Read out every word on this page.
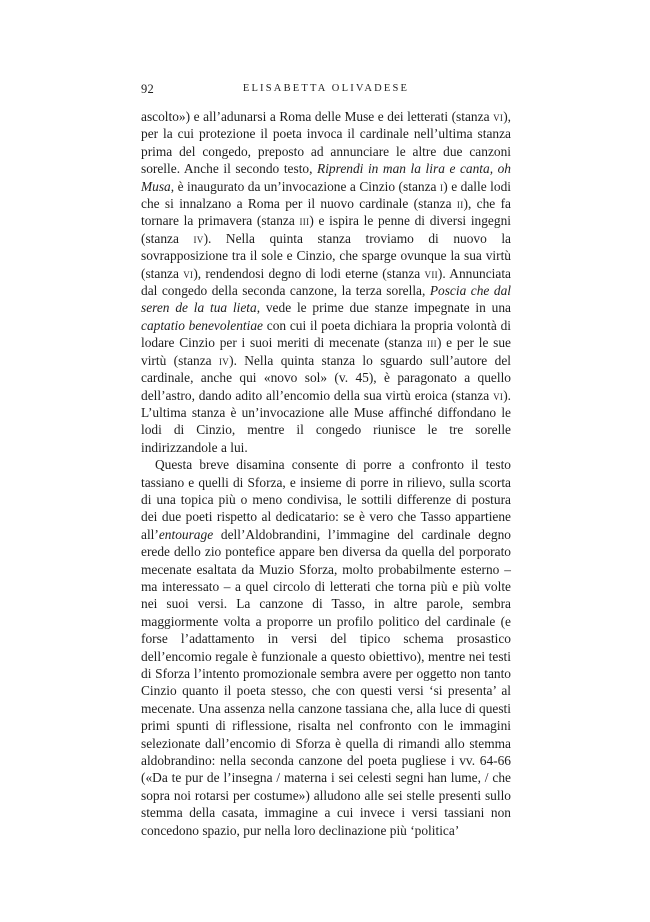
92	ELISABETTA OLIVADESE

ascolto») e all’adunarsi a Roma delle Muse e dei letterati (stanza vi), per la cui protezione il poeta invoca il cardinale nell’ultima stanza prima del congedo, preposto ad annunciare le altre due canzoni sorelle. Anche il secondo testo, Riprendi in man la lira e canta, oh Musa, è inaugurato da un’invocazione a Cinzio (stanza i) e dalle lodi che si innalzano a Roma per il nuovo cardinale (stanza ii), che fa tornare la primavera (stanza iii) e ispira le penne di diversi ingegni (stanza iv). Nella quinta stanza troviamo di nuovo la sovrapposizione tra il sole e Cinzio, che sparge ovunque la sua virtù (stanza vi), rendendosi degno di lodi eterne (stanza vii). Annunciata dal congedo della seconda canzone, la terza sorella, Poscia che dal seren de la tua lieta, vede le prime due stanze impegnate in una captatio benevolentiae con cui il poeta dichiara la propria volontà di lodare Cinzio per i suoi meriti di mecenate (stanza iii) e per le sue virtù (stanza iv). Nella quinta stanza lo sguardo sull’autore del cardinale, anche qui «novo sol» (v. 45), è paragonato a quello dell’astro, dando adito all’encomio della sua virtù eroica (stanza vi). L’ultima stanza è un’invocazione alle Muse affinché diffondano le lodi di Cinzio, mentre il congedo riunisce le tre sorelle indirizzandole a lui.

Questa breve disamina consente di porre a confronto il testo tassiano e quelli di Sforza, e insieme di porre in rilievo, sulla scorta di una topica più o meno condivisa, le sottili differenze di postura dei due poeti rispetto al dedicatario: se è vero che Tasso appartiene all’entourage dell’Aldobrandini, l’immagine del cardinale degno erede dello zio pontefice appare ben diversa da quella del porporato mecenate esaltata da Muzio Sforza, molto probabilmente esterno – ma interessato – a quel circolo di letterati che torna più e più volte nei suoi versi. La canzone di Tasso, in altre parole, sembra maggiormente volta a proporre un profilo politico del cardinale (e forse l’adattamento in versi del tipico schema prosastico dell’encomio regale è funzionale a questo obiettivo), mentre nei testi di Sforza l’intento promozionale sembra avere per oggetto non tanto Cinzio quanto il poeta stesso, che con questi versi ‘si presenta’ al mecenate. Una assenza nella canzone tassiana che, alla luce di questi primi spunti di riflessione, risalta nel confronto con le immagini selezionate dall’encomio di Sforza è quella di rimandi allo stemma aldobrandino: nella seconda canzone del poeta pugliese i vv. 64-66 («Da te pur de l’insegna / materna i sei celesti segni han lume, / che sopra noi rotarsi per costume») alludono alle sei stelle presenti sullo stemma della casata, immagine a cui invece i versi tassiani non concedono spazio, pur nella loro declinazione più ‘politica’
